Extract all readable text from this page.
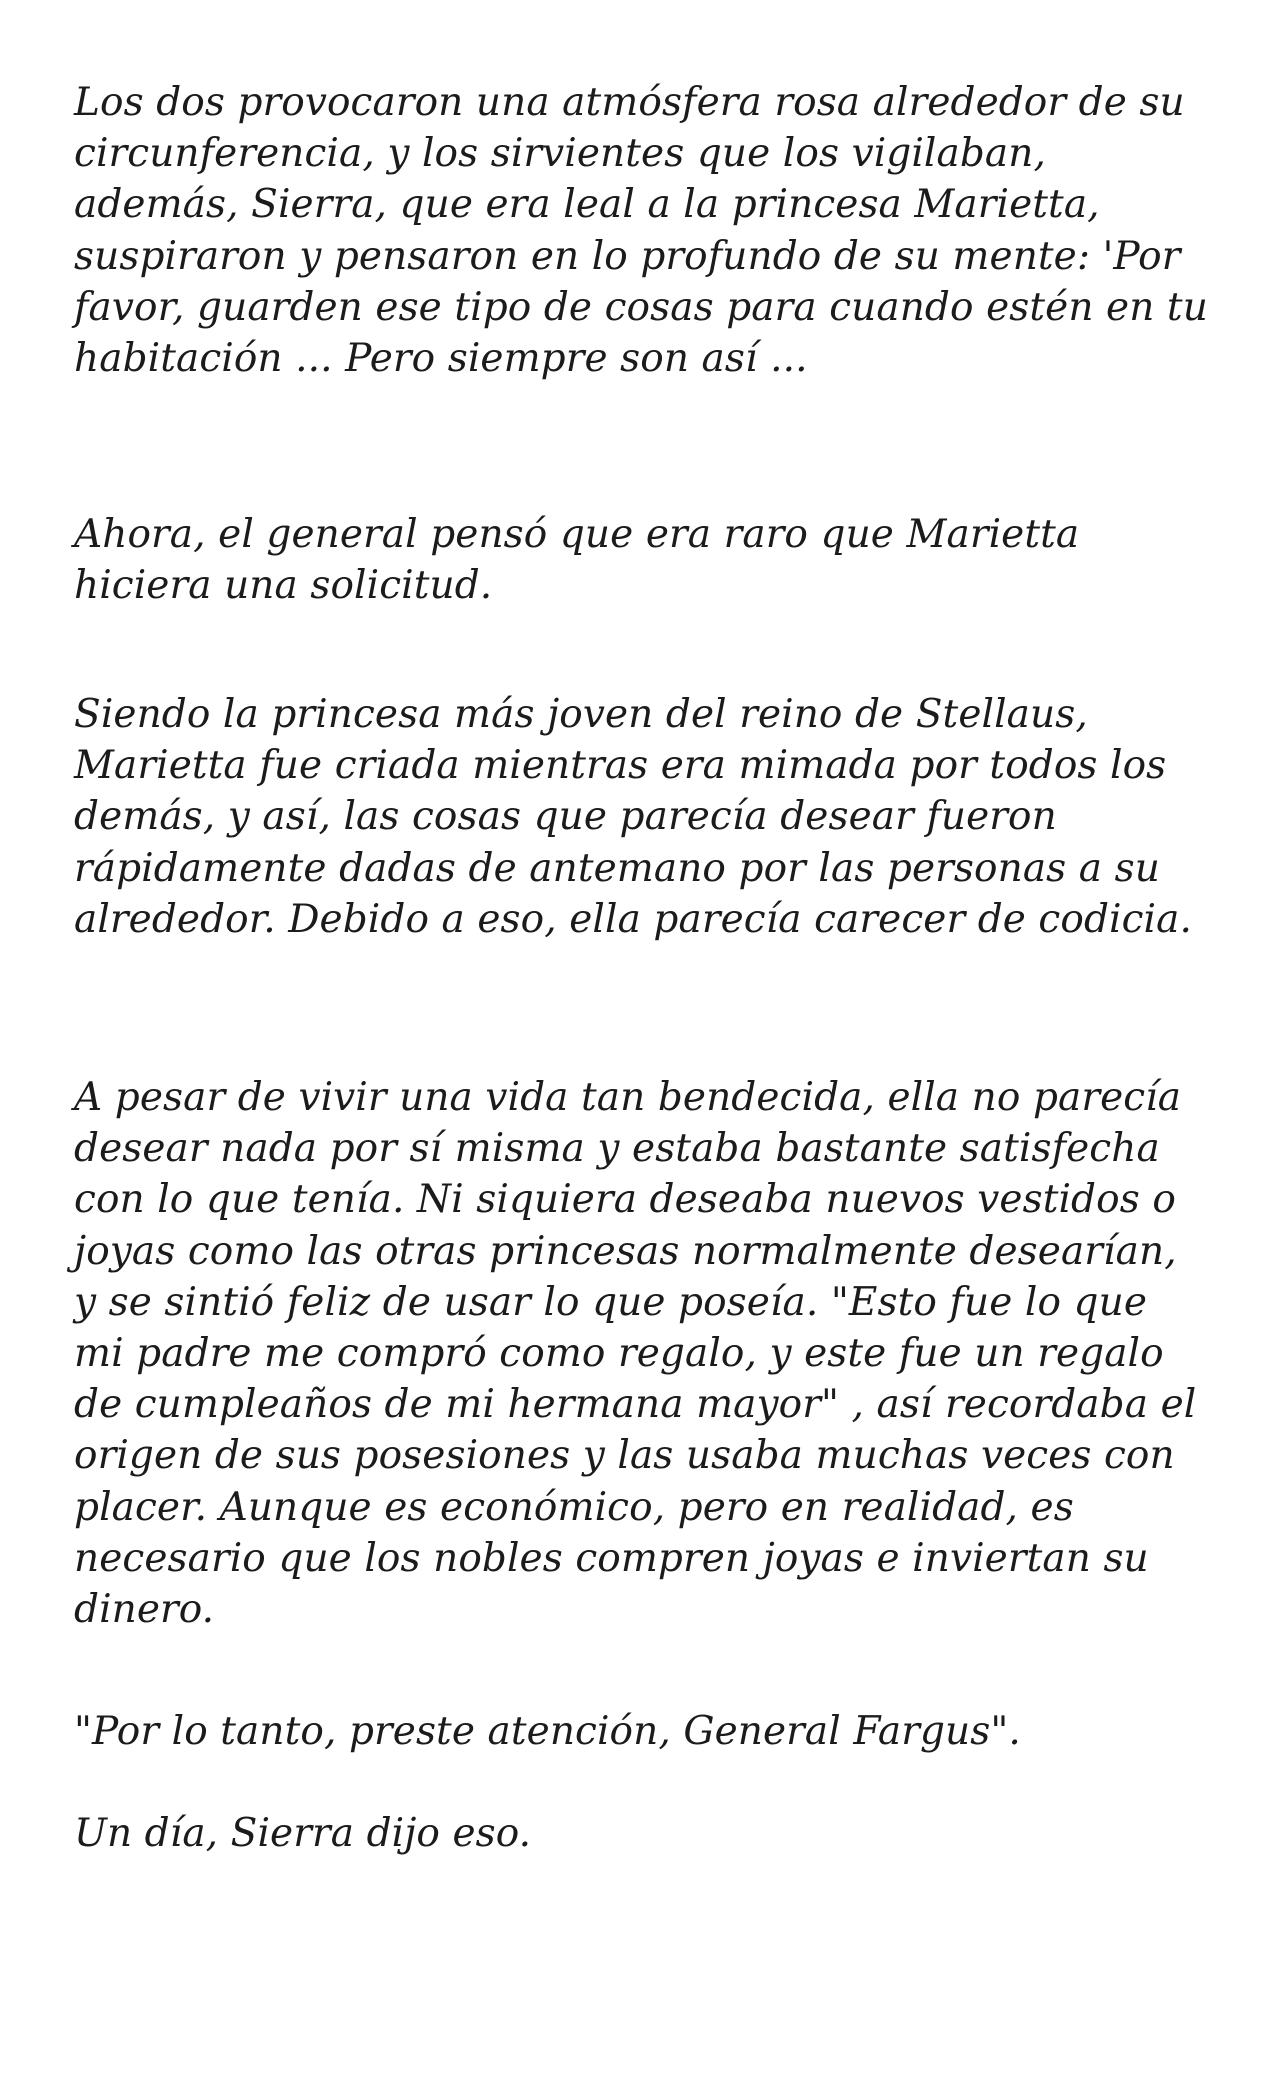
Los dos provocaron una atmósfera rosa alrededor de su circunferencia, y los sirvientes que los vigilaban, además, Sierra, que era leal a la princesa Marietta, suspiraron y pensaron en lo profundo de su mente: 'Por favor, guarden ese tipo de cosas para cuando estén en tu habitación ... Pero siempre son así ...

Ahora, el general pensó que era raro que Marietta hiciera una solicitud.

Siendo la princesa más joven del reino de Stellaus, Marietta fue criada mientras era mimada por todos los demás, y así, las cosas que parecía desear fueron rápidamente dadas de antemano por las personas a su alrededor. Debido a eso, ella parecía carecer de codicia.

A pesar de vivir una vida tan bendecida, ella no parecía desear nada por sí misma y estaba bastante satisfecha con lo que tenía. Ni siquiera deseaba nuevos vestidos o joyas como las otras princesas normalmente desearían, y se sintió feliz de usar lo que poseía. "Esto fue lo que mi padre me compró como regalo, y este fue un regalo de cumpleaños de mi hermana mayor" , así recordaba el origen de sus posesiones y las usaba muchas veces con placer. Aunque es económico, pero en realidad, es necesario que los nobles compren joyas e inviertan su dinero.

"Por lo tanto, preste atención, General Fargus".

Un día, Sierra dijo eso.
